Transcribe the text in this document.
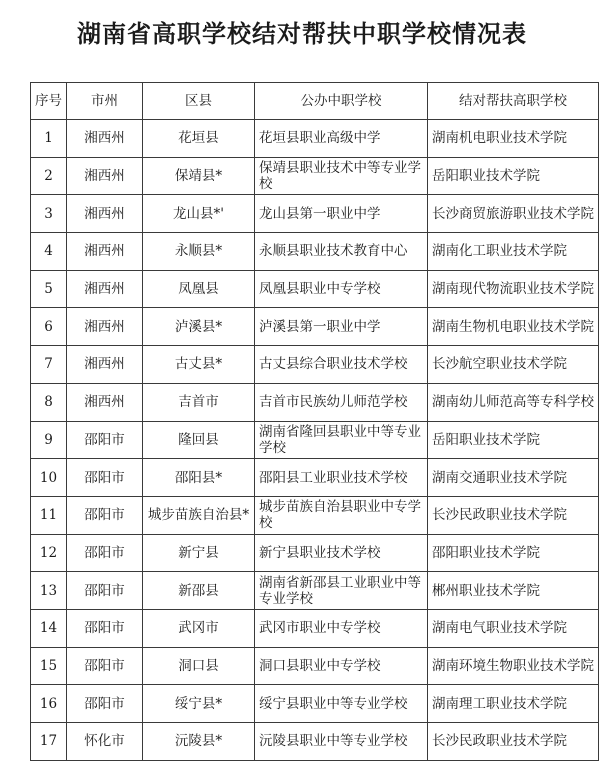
湖南省高职学校结对帮扶中职学校情况表
序号	市州	区县	公办中职学校	结对帮扶高职学校
1	湘西州	花垣县	花垣县职业高级中学	湖南机电职业技术学院
2	湘西州	保靖县*	保靖县职业技术中等专业学校	岳阳职业技术学院
3	湘西州	龙山县*'	龙山县第一职业中学	长沙商贸旅游职业技术学院
4	湘西州	永顺县*	永顺县职业技术教育中心	湖南化工职业技术学院
5	湘西州	凤凰县	凤凰县职业中专学校	湖南现代物流职业技术学院
6	湘西州	泸溪县*	泸溪县第一职业中学	湖南生物机电职业技术学院
7	湘西州	古丈县*	古丈县综合职业技术学校	长沙航空职业技术学院
8	湘西州	吉首市	吉首市民族幼儿师范学校	湖南幼儿师范高等专科学校
9	邵阳市	隆回县	湖南省隆回县职业中等专业学校	岳阳职业技术学院
10	邵阳市	邵阳县*	邵阳县工业职业技术学校	湖南交通职业技术学院
11	邵阳市	城步苗族自治县*	城步苗族自治县职业中专学校	长沙民政职业技术学院
12	邵阳市	新宁县	新宁县职业技术学校	邵阳职业技术学院
13	邵阳市	新邵县	湖南省新邵县工业职业中等专业学校	郴州职业技术学院
14	邵阳市	武冈市	武冈市职业中专学校	湖南电气职业技术学院
15	邵阳市	洞口县	洞口县职业中专学校	湖南环境生物职业技术学院
16	邵阳市	绥宁县*	绥宁县职业中等专业学校	湖南理工职业技术学院
17	怀化市	沅陵县*	沅陵县职业中等专业学校	长沙民政职业技术学院
